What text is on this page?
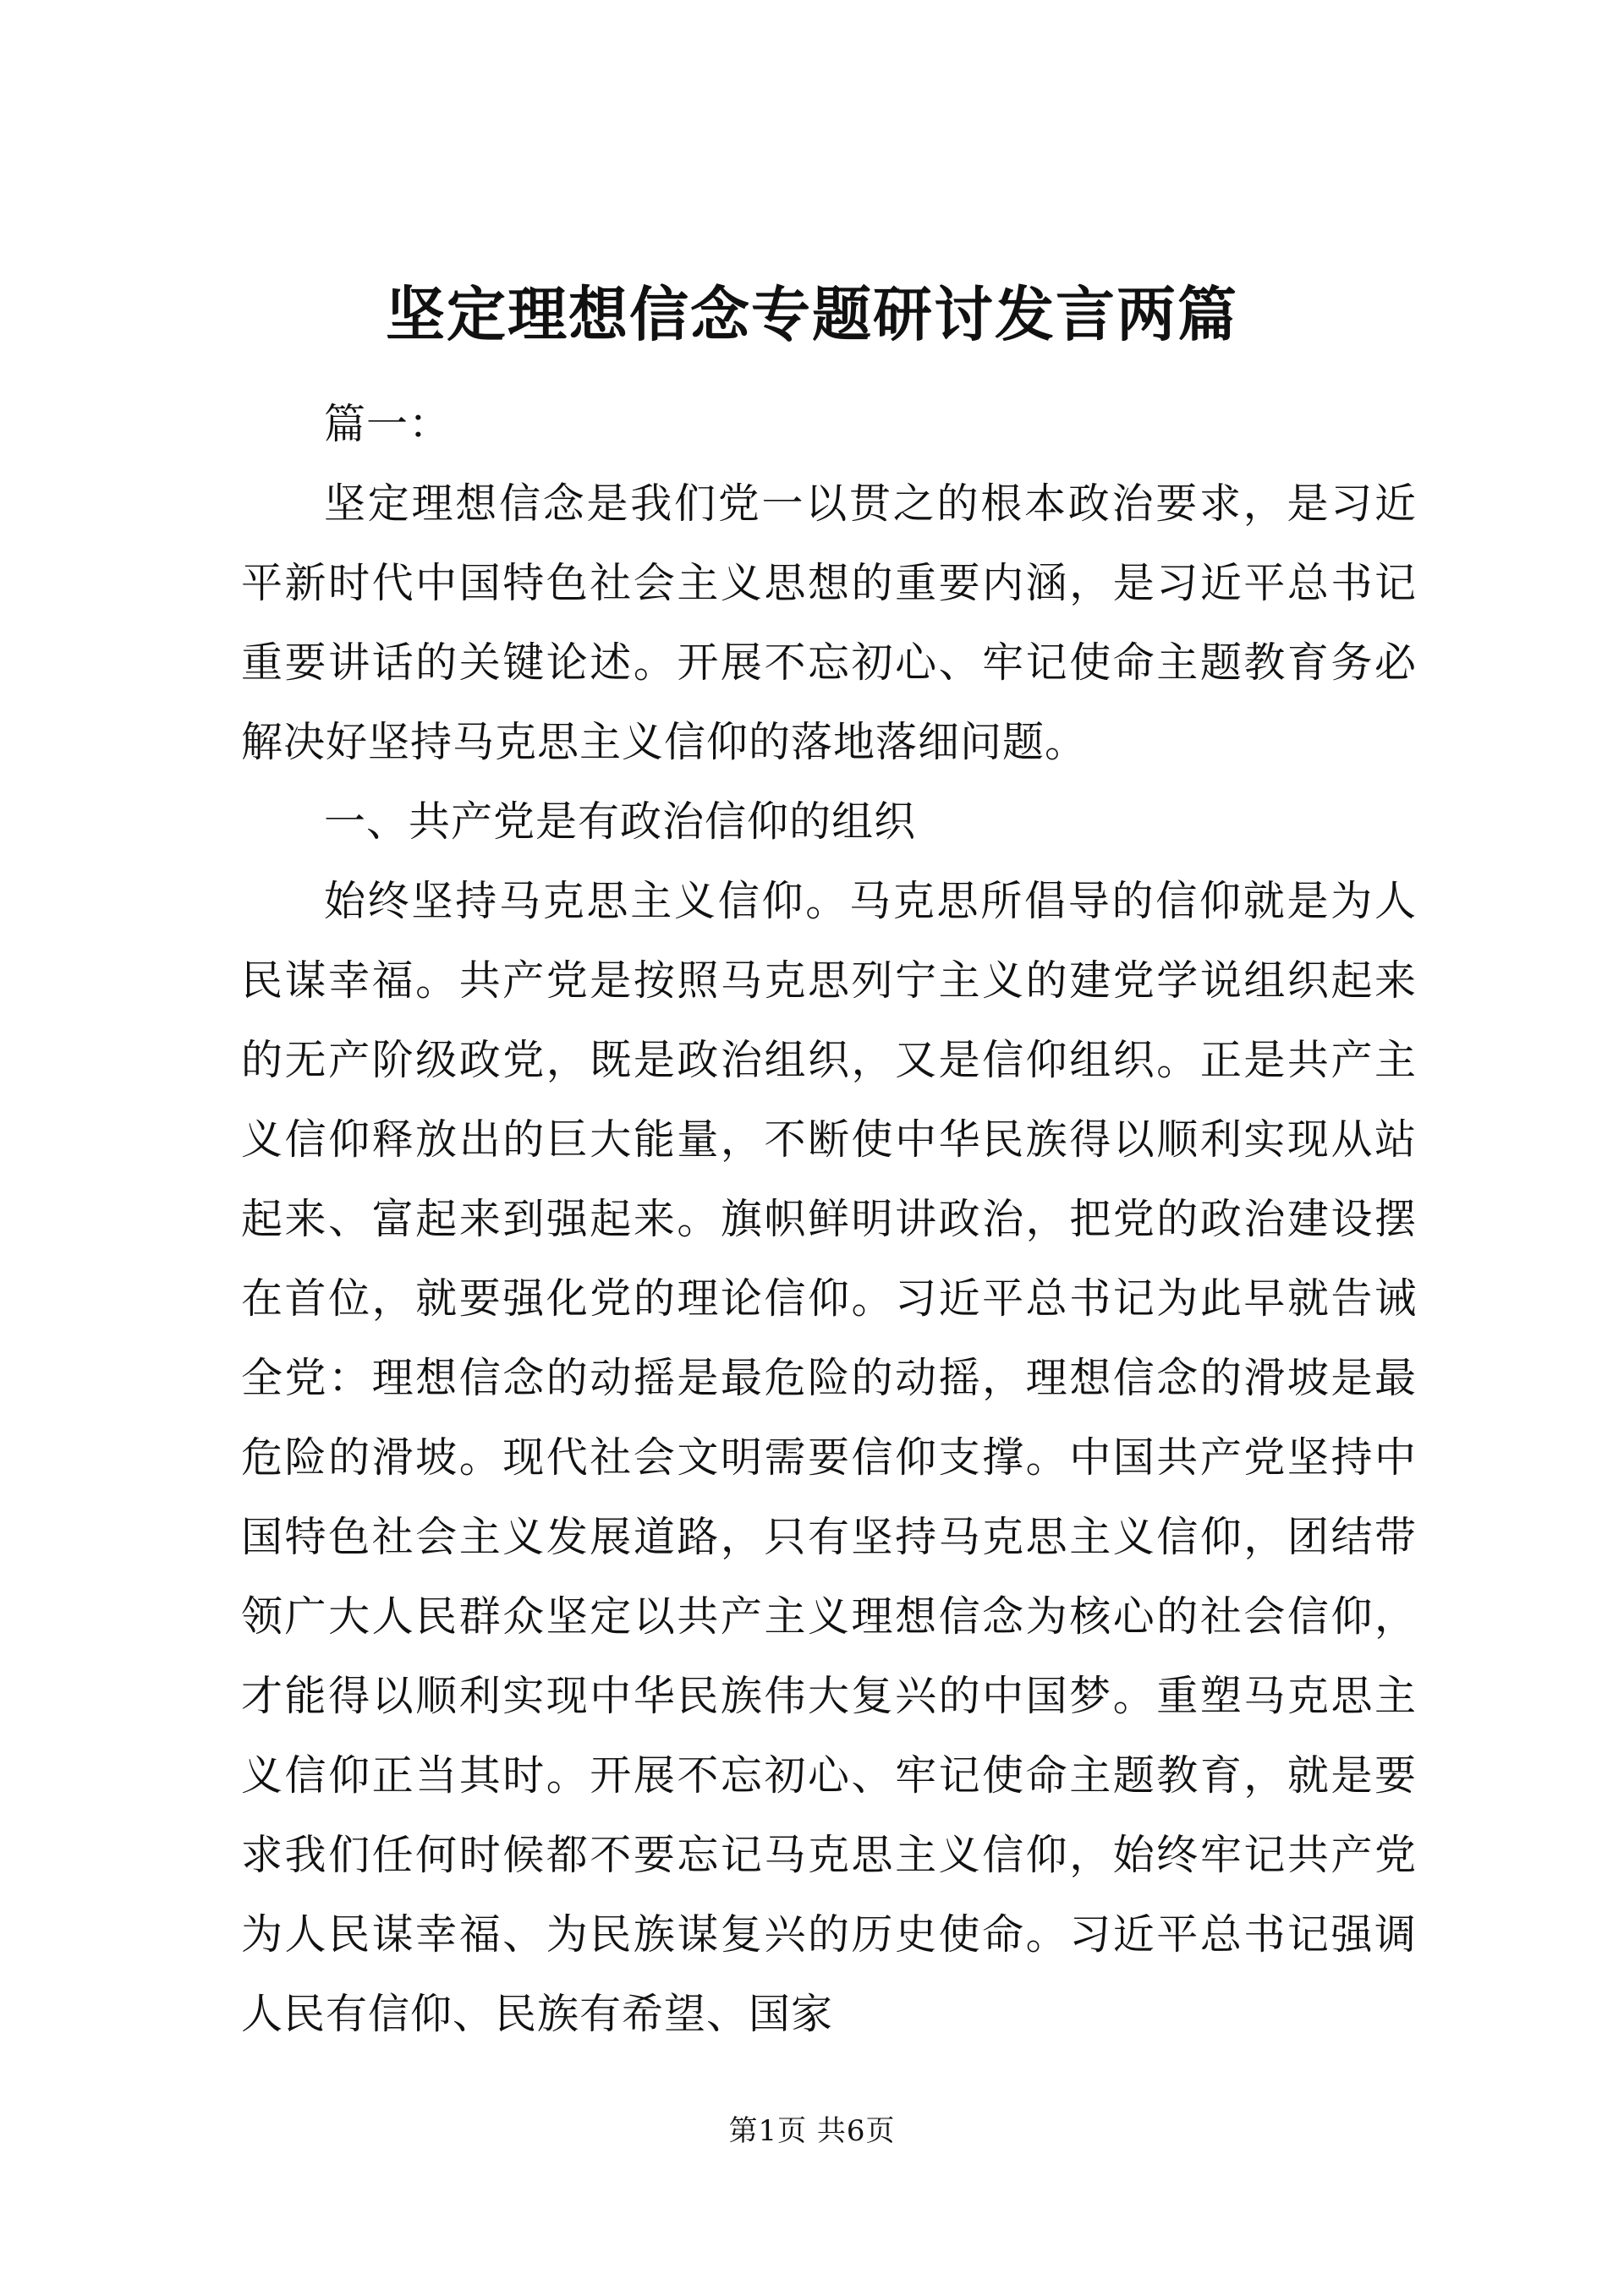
坚定理想信念专题研讨发言两篇

篇一：

坚定理想信念是我们党一以贯之的根本政治要求，是习近平新时代中国特色社会主义思想的重要内涵，是习近平总书记重要讲话的关键论述。开展不忘初心、牢记使命主题教育务必解决好坚持马克思主义信仰的落地落细问题。

一、共产党是有政治信仰的组织

始终坚持马克思主义信仰。马克思所倡导的信仰就是为人民谋幸福。共产党是按照马克思列宁主义的建党学说组织起来的无产阶级政党，既是政治组织，又是信仰组织。正是共产主义信仰释放出的巨大能量，不断使中华民族得以顺利实现从站起来、富起来到强起来。旗帜鲜明讲政治，把党的政治建设摆在首位，就要强化党的理论信仰。习近平总书记为此早就告诫全党：理想信念的动摇是最危险的动摇，理想信念的滑坡是最危险的滑坡。现代社会文明需要信仰支撑。中国共产党坚持中国特色社会主义发展道路，只有坚持马克思主义信仰，团结带领广大人民群众坚定以共产主义理想信念为核心的社会信仰，才能得以顺利实现中华民族伟大复兴的中国梦。重塑马克思主义信仰正当其时。开展不忘初心、牢记使命主题教育，就是要求我们任何时候都不要忘记马克思主义信仰，始终牢记共产党为人民谋幸福、为民族谋复兴的历史使命。习近平总书记强调人民有信仰、民族有希望、国家

第1页 共6页
